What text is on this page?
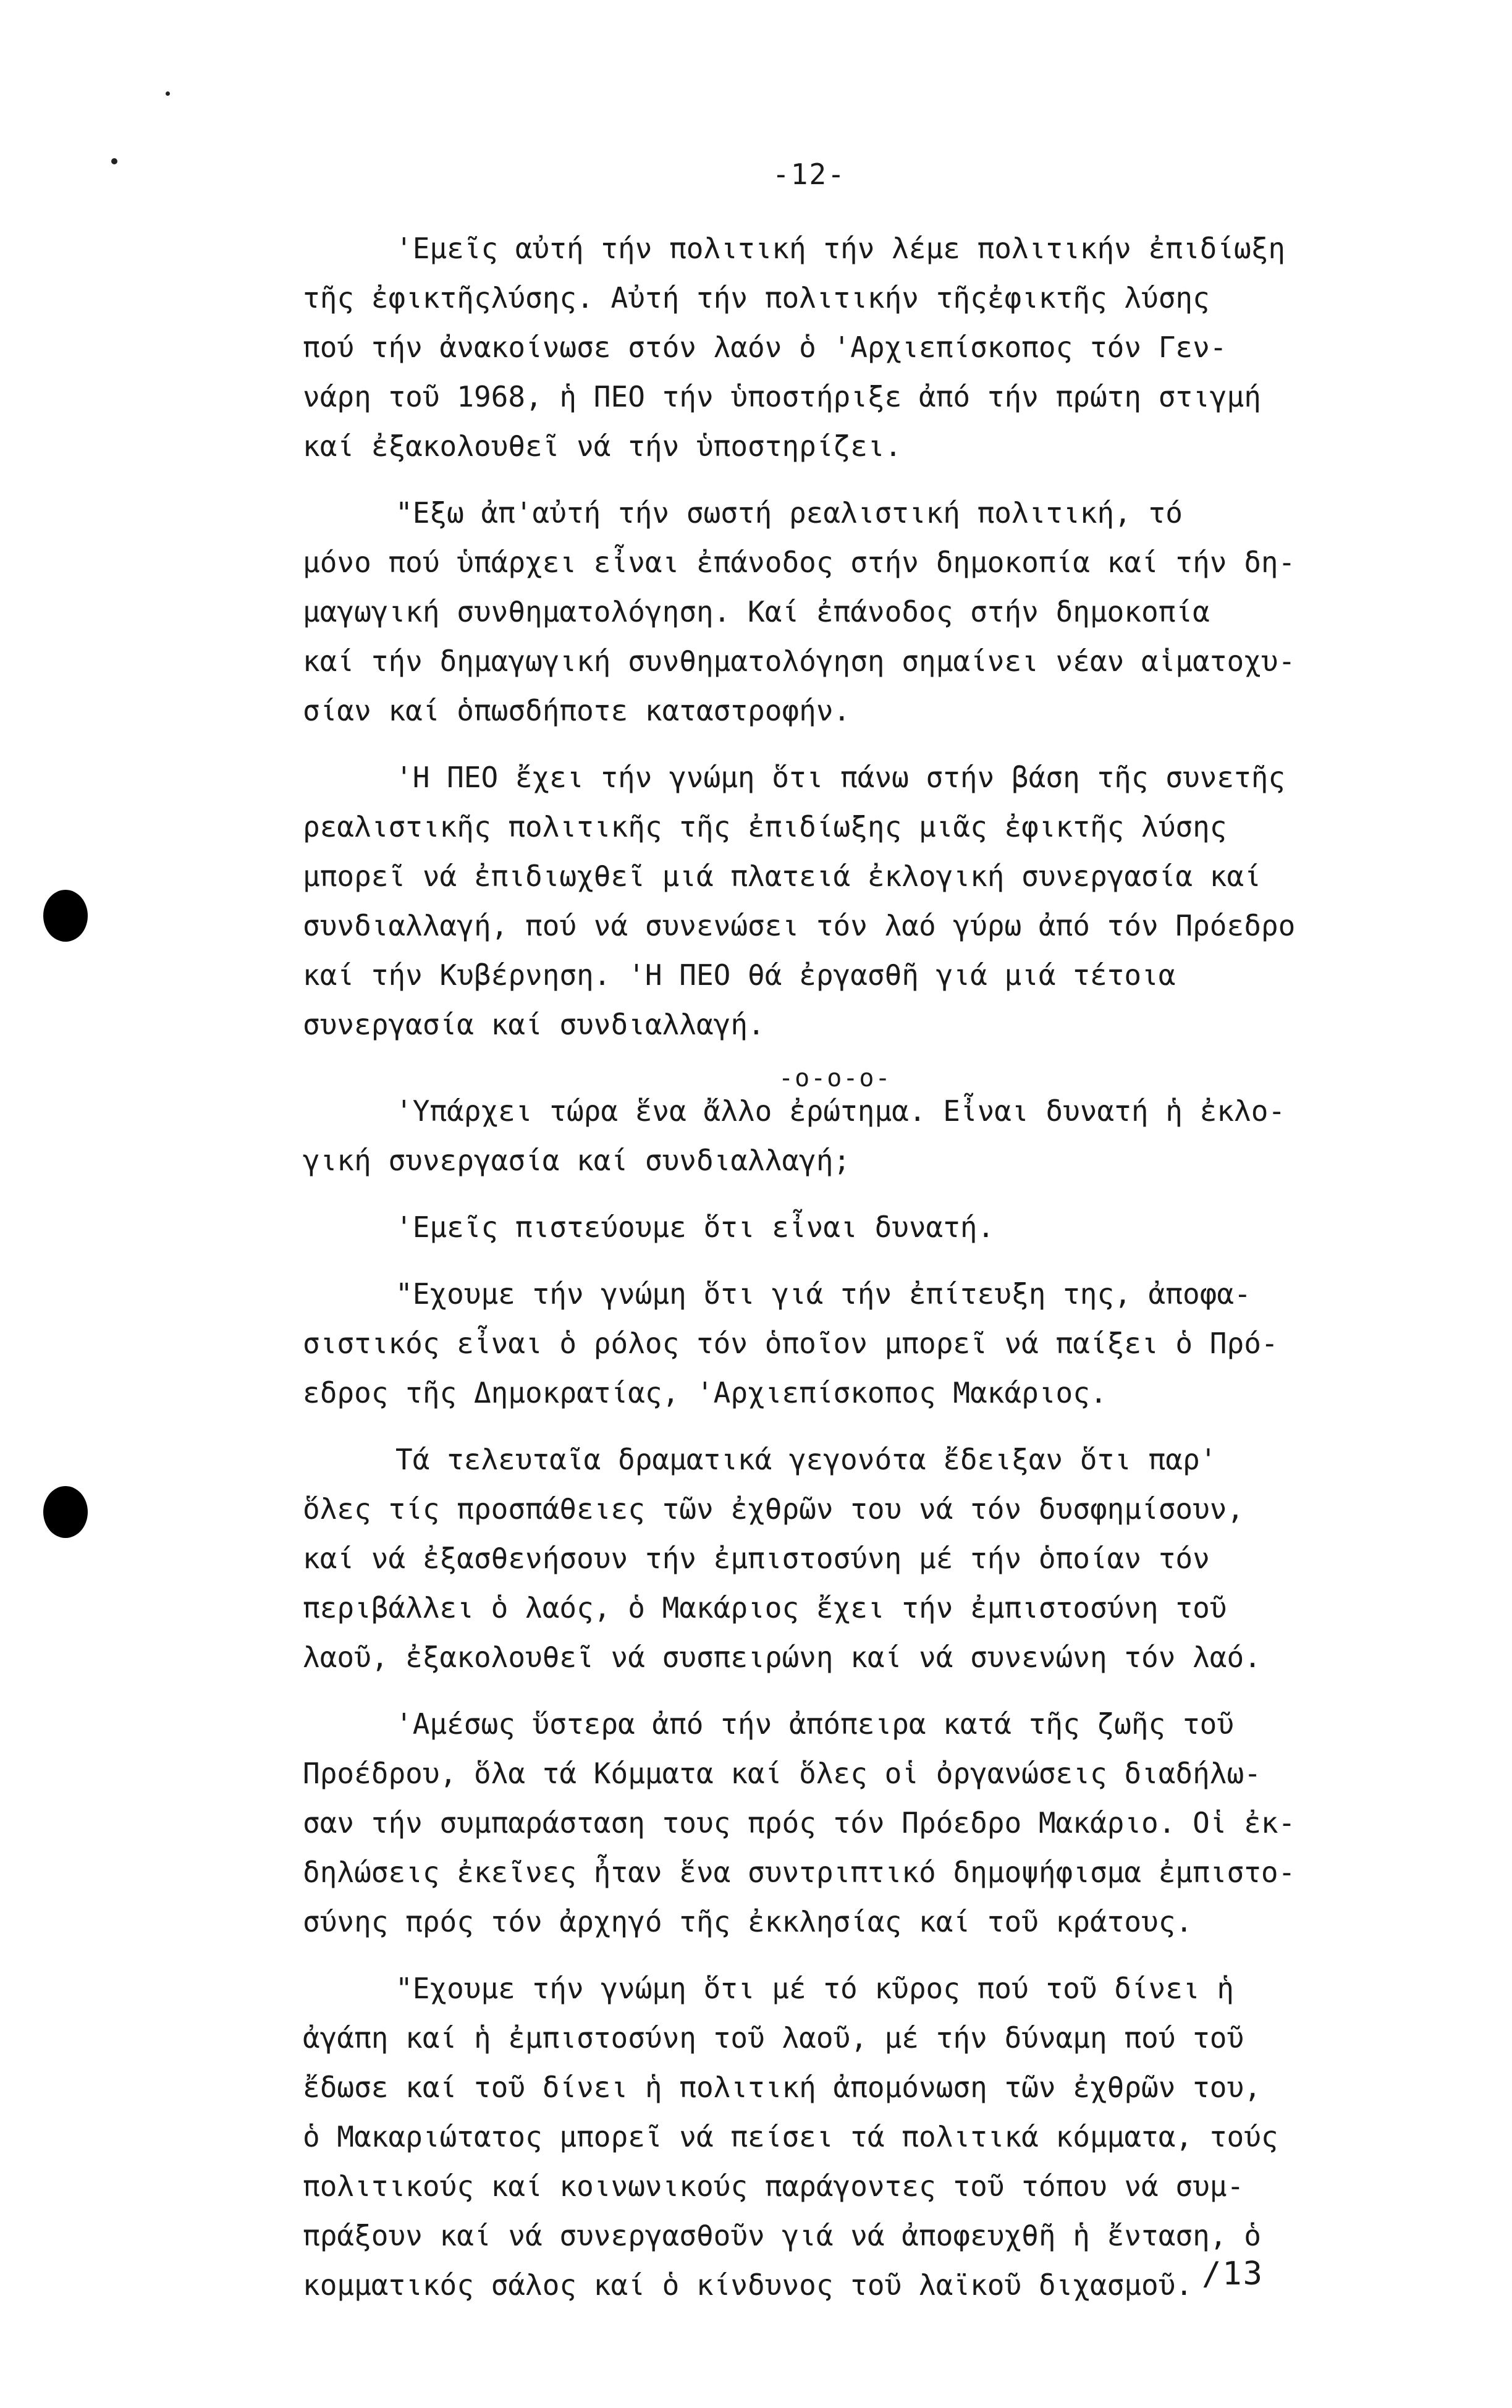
-12-
'Εμεῖς αὐτή τήν πολιτική τήν λέμε πολιτικήν ἐπιδίωξη
τῆς ἐφικτῆςλύσης. Αὐτή τήν πολιτικήν τῆςἐφικτῆς λύσης
πού τήν ἀνακοίνωσε στόν λαόν ὁ 'Αρχιεπίσκοπος τόν Γεν-
νάρη τοῦ 1968, ἡ ΠΕΟ τήν ὑποστήριξε ἀπό τήν πρώτη στιγμή
καί ἐξακολουθεῖ νά τήν ὑποστηρίζει.
"Εξω ἀπ'αὐτή τήν σωστή ρεαλιστική πολιτική, τό
μόνο πού ὑπάρχει εἶναι ἐπάνοδος στήν δημοκοπία καί τήν δη-
μαγωγική συνθηματολόγηση. Καί ἐπάνοδος στήν δημοκοπία
καί τήν δημαγωγική συνθηματολόγηση σημαίνει νέαν αἱματοχυ-
σίαν καί ὁπωσδήποτε καταστροφήν.
'Η ΠΕΟ ἔχει τήν γνώμη ὅτι πάνω στήν βάση τῆς συνετῆς
ρεαλιστικῆς πολιτικῆς τῆς ἐπιδίωξης μιᾶς ἐφικτῆς λύσης
μπορεῖ νά ἐπιδιωχθεῖ μιά πλατειά ἐκλογική συνεργασία καί
συνδιαλλαγή, πού νά συνενώσει τόν λαό γύρω ἀπό τόν Πρόεδρο
καί τήν Κυβέρνηση. 'Η ΠΕΟ θά ἐργασθῆ γιά μιά τέτοια
συνεργασία καί συνδιαλλαγή.
-o-o-o-
'Υπάρχει τώρα ἕνα ἄλλο ἐρώτημα. Εἶναι δυνατή ἡ ἐκλο-
γική συνεργασία καί συνδιαλλαγή;
'Εμεῖς πιστεύουμε ὅτι εἶναι δυνατή.
"Εχουμε τήν γνώμη ὅτι γιά τήν ἐπίτευξη της, ἀποφα-
σιστικός εἶναι ὁ ρόλος τόν ὁποῖον μπορεῖ νά παίξει ὁ Πρό-
εδρος τῆς Δημοκρατίας, 'Αρχιεπίσκοπος Μακάριος.
Τά τελευταῖα δραματικά γεγονότα ἔδειξαν ὅτι παρ'
ὅλες τίς προσπάθειες τῶν ἐχθρῶν του νά τόν δυσφημίσουν,
καί νά ἐξασθενήσουν τήν ἐμπιστοσύνη μέ τήν ὁποίαν τόν
περιβάλλει ὁ λαός, ὁ Μακάριος ἔχει τήν ἐμπιστοσύνη τοῦ
λαοῦ, ἐξακολουθεῖ νά συσπειρώνη καί νά συνενώνη τόν λαό.
'Αμέσως ὕστερα ἀπό τήν ἀπόπειρα κατά τῆς ζωῆς τοῦ
Προέδρου, ὅλα τά Κόμματα καί ὅλες οἱ ὀργανώσεις διαδήλω-
σαν τήν συμπαράσταση τους πρός τόν Πρόεδρο Μακάριο. Οἱ ἐκ-
δηλώσεις ἐκεῖνες ἦταν ἕνα συντριπτικό δημοψήφισμα ἐμπιστο-
σύνης πρός τόν ἀρχηγό τῆς ἐκκλησίας καί τοῦ κράτους.
"Εχουμε τήν γνώμη ὅτι μέ τό κῦρος πού τοῦ δίνει ἡ
ἀγάπη καί ἡ ἐμπιστοσύνη τοῦ λαοῦ, μέ τήν δύναμη πού τοῦ
ἔδωσε καί τοῦ δίνει ἡ πολιτική ἀπομόνωση τῶν ἐχθρῶν του,
ὁ Μακαριώτατος μπορεῖ νά πείσει τά πολιτικά κόμματα, τούς
πολιτικούς καί κοινωνικούς παράγοντες τοῦ τόπου νά συμ-
πράξουν καί νά συνεργασθοῦν γιά νά ἀποφευχθῆ ἡ ἔνταση, ὁ
κομματικός σάλος καί ὁ κίνδυνος τοῦ λαϊκοῦ διχασμοῦ. /13
